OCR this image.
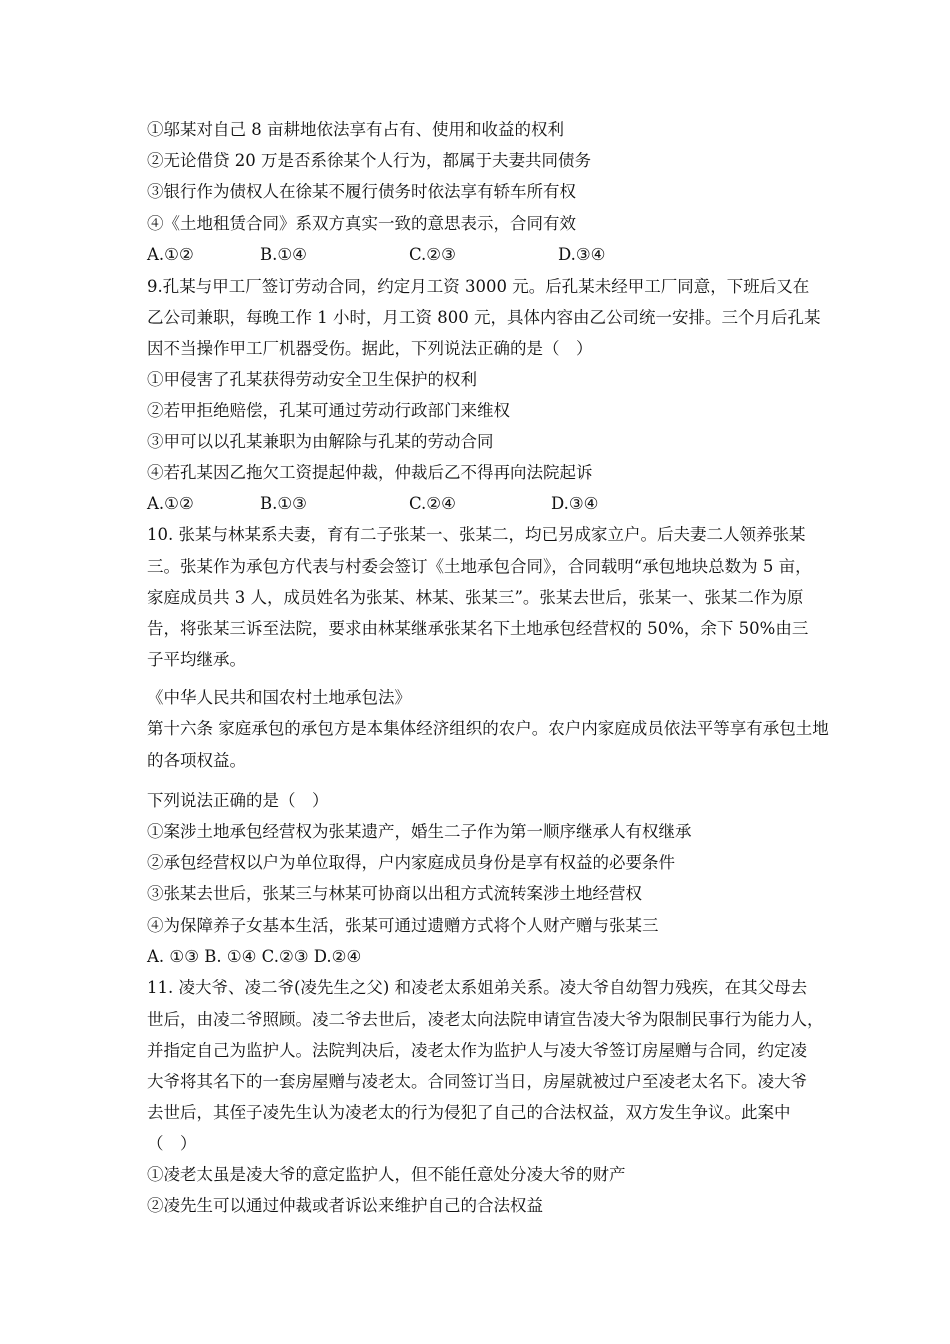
①邬某对自己 8 亩耕地依法享有占有、使用和收益的权利
②无论借贷 20 万是否系徐某个人行为，都属于夫妻共同债务
③银行作为债权人在徐某不履行债务时依法享有轿车所有权
④《土地租赁合同》系双方真实一致的意思表示，合同有效
A.①②	B.①④	C.②③	D.③④
9.孔某与甲工厂签订劳动合同，约定月工资 3000 元。后孔某未经甲工厂同意，下班后又在
乙公司兼职，每晚工作 1 小时，月工资 800 元，具体内容由乙公司统一安排。三个月后孔某
因不当操作甲工厂机器受伤。据此，下列说法正确的是（　）
①甲侵害了孔某获得劳动安全卫生保护的权利
②若甲拒绝赔偿，孔某可通过劳动行政部门来维权
③甲可以以孔某兼职为由解除与孔某的劳动合同
④若孔某因乙拖欠工资提起仲裁，仲裁后乙不得再向法院起诉
A.①②	B.①③	C.②④	D.③④
10. 张某与林某系夫妻，育有二子张某一、张某二，均已另成家立户。后夫妻二人领养张某
三。张某作为承包方代表与村委会签订《土地承包合同》，合同载明“承包地块总数为 5 亩，
家庭成员共 3 人，成员姓名为张某、林某、张某三”。张某去世后，张某一、张某二作为原
告，将张某三诉至法院，要求由林某继承张某名下土地承包经营权的 50%，余下 50%由三
子平均继承。
《中华人民共和国农村土地承包法》
第十六条 家庭承包的承包方是本集体经济组织的农户。农户内家庭成员依法平等享有承包土地
的各项权益。
下列说法正确的是（　）
①案涉土地承包经营权为张某遗产，婚生二子作为第一顺序继承人有权继承
②承包经营权以户为单位取得，户内家庭成员身份是享有权益的必要条件
③张某去世后，张某三与林某可协商以出租方式流转案涉土地经营权
④为保障养子女基本生活，张某可通过遗赠方式将个人财产赠与张某三
A. ①③ B. ①④ C.②③ D.②④
11. 凌大爷、凌二爷(凌先生之父) 和凌老太系姐弟关系。凌大爷自幼智力残疾，在其父母去
世后，由凌二爷照顾。凌二爷去世后，凌老太向法院申请宣告凌大爷为限制民事行为能力人，
并指定自己为监护人。法院判决后，凌老太作为监护人与凌大爷签订房屋赠与合同，约定凌
大爷将其名下的一套房屋赠与凌老太。合同签订当日，房屋就被过户至凌老太名下。凌大爷
去世后，其侄子凌先生认为凌老太的行为侵犯了自己的合法权益，双方发生争议。此案中
（　）
①凌老太虽是凌大爷的意定监护人，但不能任意处分凌大爷的财产
②凌先生可以通过仲裁或者诉讼来维护自己的合法权益
